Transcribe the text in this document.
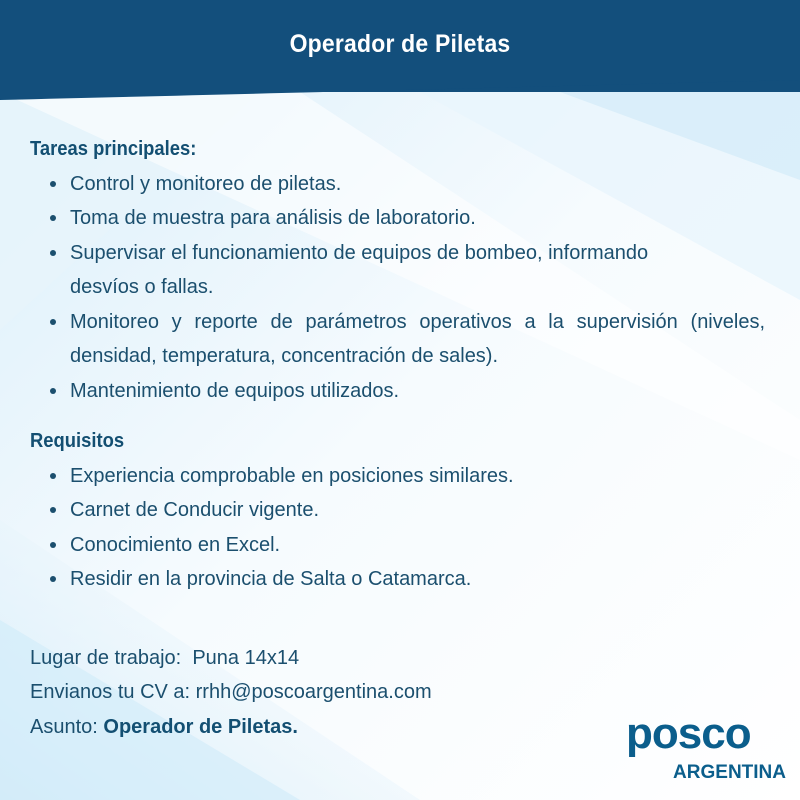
Operador de Piletas
Tareas principales:
Control y monitoreo de piletas.
Toma de muestra para análisis de laboratorio.
Supervisar el funcionamiento de equipos de bombeo, informando desvíos o fallas.
Monitoreo y reporte de parámetros operativos a la supervisión (niveles, densidad, temperatura, concentración de sales).
Mantenimiento de equipos utilizados.
Requisitos
Experiencia comprobable en posiciones similares.
Carnet de Conducir vigente.
Conocimiento en Excel.
Residir en la provincia de Salta o Catamarca.
Lugar de trabajo:  Puna 14x14
Envianos tu CV a: rrhh@poscoargentina.com
Asunto: Operador de Piletas.	posco
ARGENTINA
